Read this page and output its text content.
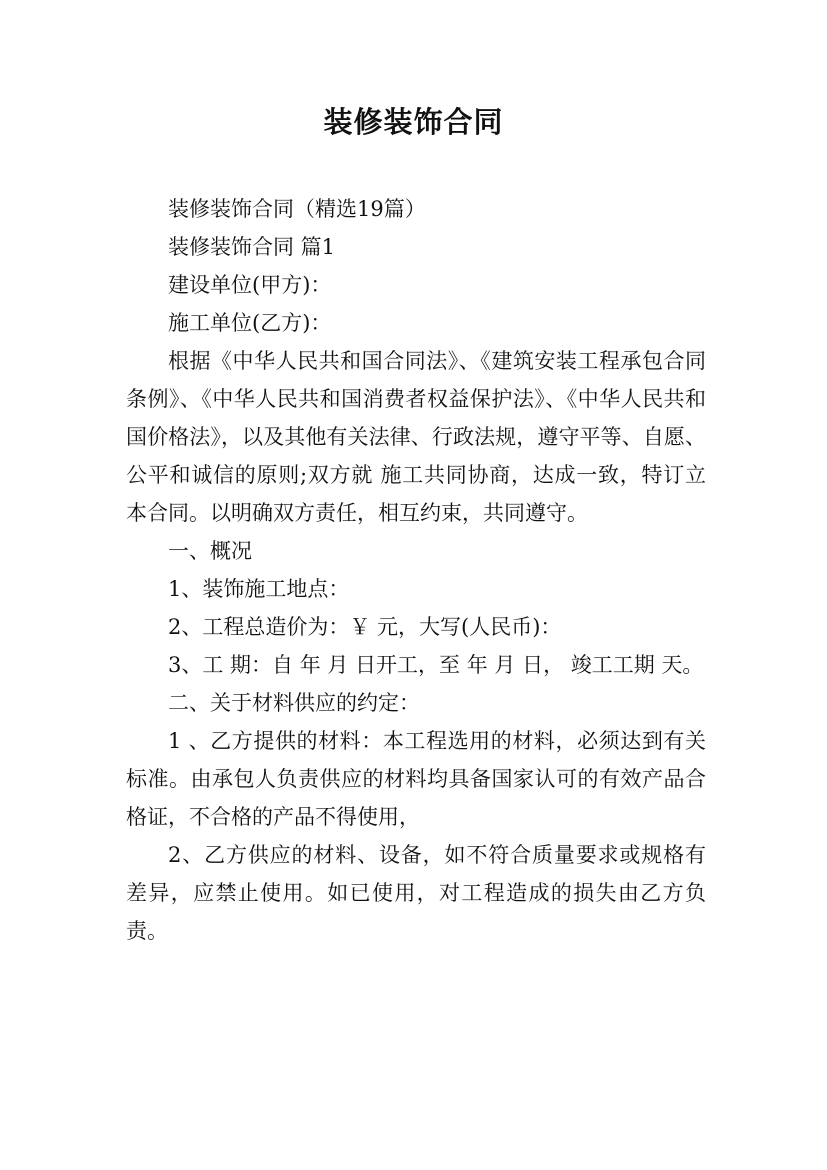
装修装饰合同

装修装饰合同（精选19篇）

装修装饰合同 篇1

建设单位(甲方)：

施工单位(乙方)：

根据《中华人民共和国合同法》、《建筑安装工程承包合同条例》、《中华人民共和国消费者权益保护法》、《中华人民共和国价格法》，以及其他有关法律、行政法规，遵守平等、自愿、公平和诚信的原则;双方就 施工共同协商，达成一致，特订立本合同。以明确双方责任，相互约束，共同遵守。

一、概况

1、装饰施工地点：

2、工程总造价为：￥ 元，大写(人民币)：

3、工 期：自 年 月 日开工，至 年 月 日， 竣工工期 天。

二、关于材料供应的约定：

1 、乙方提供的材料：本工程选用的材料，必须达到有关标准。由承包人负责供应的材料均具备国家认可的有效产品合格证，不合格的产品不得使用，

2、乙方供应的材料、设备，如不符合质量要求或规格有差异，应禁止使用。如已使用，对工程造成的损失由乙方负责。
